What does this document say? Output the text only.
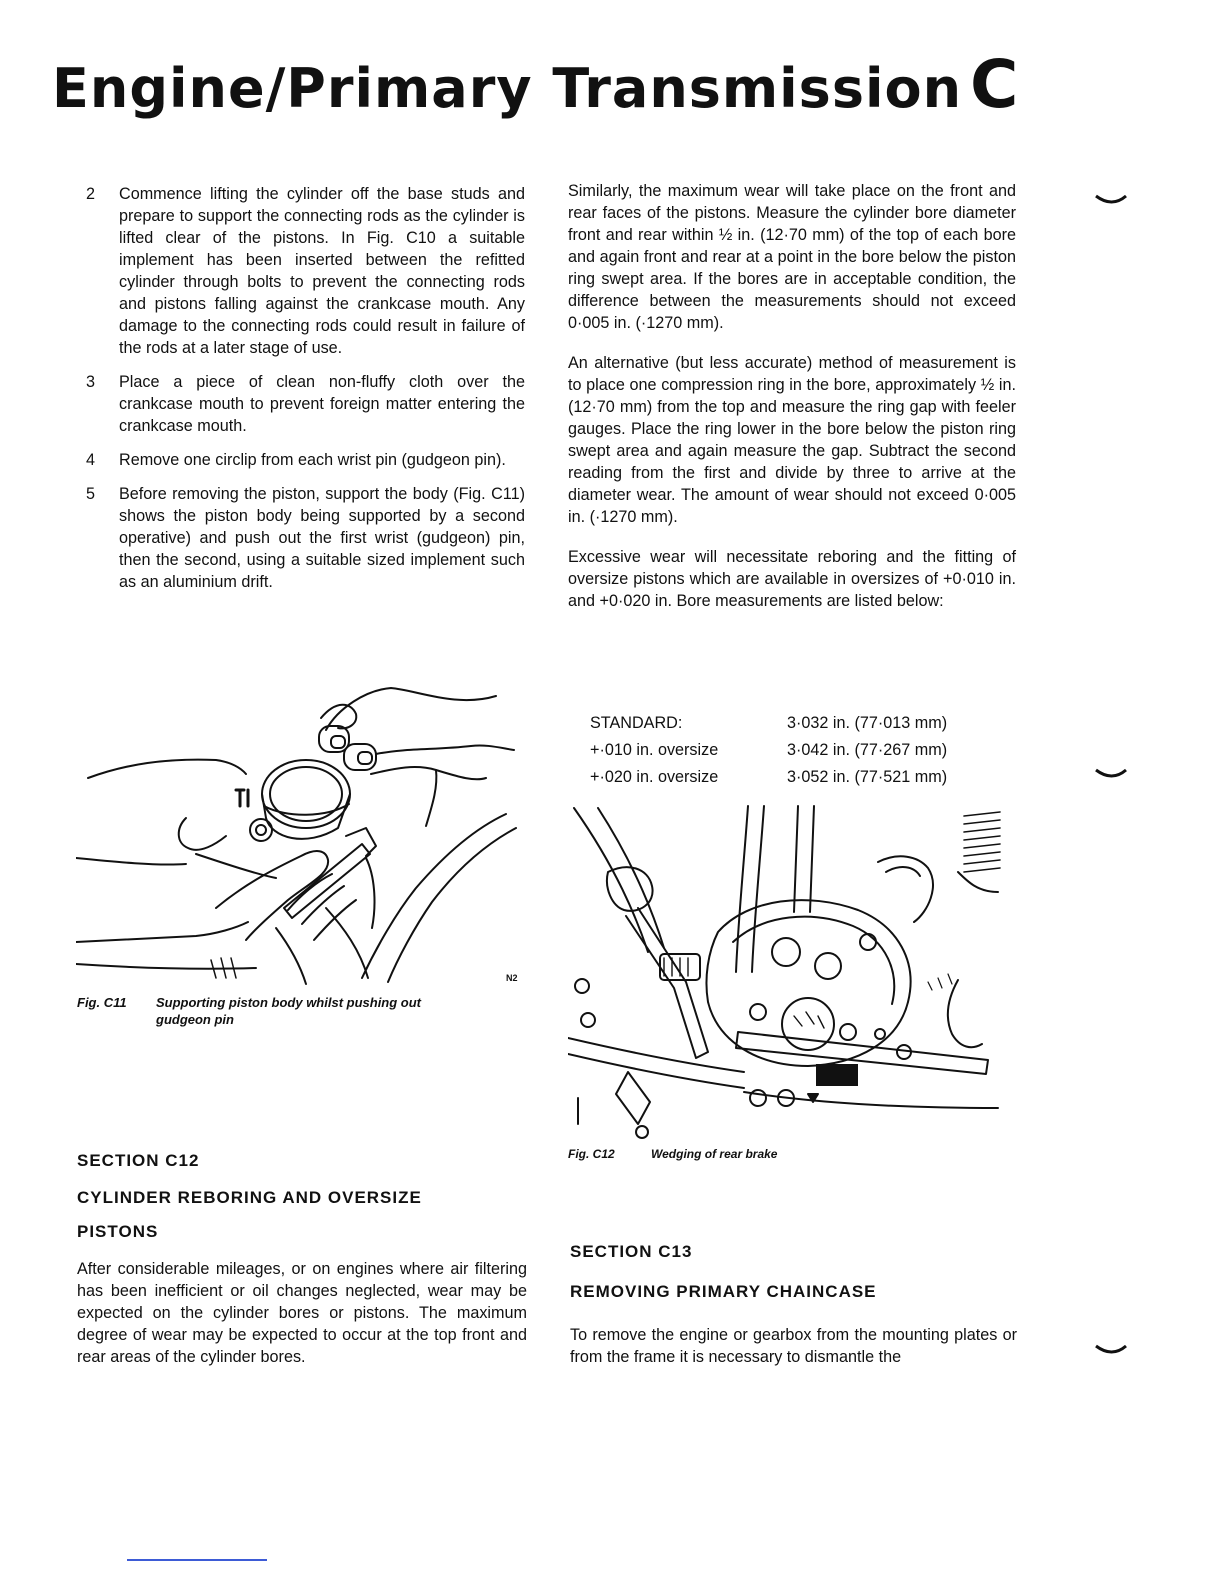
Engine/Primary Transmission C
2 Commence lifting the cylinder off the base studs and prepare to support the connecting rods as the cylinder is lifted clear of the pistons. In Fig. C10 a suitable implement has been inserted between the refitted cylinder through bolts to prevent the connecting rods and pistons falling against the crankcase mouth. Any damage to the connecting rods could result in failure of the rods at a later stage of use.

3 Place a piece of clean non-fluffy cloth over the crankcase mouth to prevent foreign matter entering the crankcase mouth.

4 Remove one circlip from each wrist pin (gudgeon pin).

5 Before removing the piston, support the body (Fig. C11) shows the piston body being supported by a second operative) and push out the first wrist (gudgeon) pin, then the second, using a suitable sized implement such as an aluminium drift.

Fig. C11	Supporting piston body whilst pushing out gudgeon pin
N2
SECTION C12
CYLINDER REBORING AND OVERSIZE
PISTONS
After considerable mileages, or on engines where air filtering has been inefficient or oil changes neglected, wear may be expected on the cylinder bores or pistons. The maximum degree of wear may be expected to occur at the top front and rear areas of the cylinder bores.

Similarly, the maximum wear will take place on the front and rear faces of the pistons. Measure the cylinder bore diameter front and rear within ½ in. (12·70 mm) of the top of each bore and again front and rear at a point in the bore below the piston ring swept area. If the bores are in acceptable condition, the difference between the measurements should not exceed 0·005 in. (·1270 mm).

An alternative (but less accurate) method of measurement is to place one compression ring in the bore, approximately ½ in. (12·70 mm) from the top and measure the ring gap with feeler gauges. Place the ring lower in the bore below the piston ring swept area and again measure the gap. Subtract the second reading from the first and divide by three to arrive at the diameter wear. The amount of wear should not exceed 0·005 in. (·1270 mm).

Excessive wear will necessitate reboring and the fitting of oversize pistons which are available in oversizes of +0·010 in. and +0·020 in. Bore measurements are listed below:

STANDARD:	3·032 in. (77·013 mm)
+·010 in. oversize	3·042 in. (77·267 mm)
+·020 in. oversize	3·052 in. (77·521 mm)
Fig. C12	Wedging of rear brake
SECTION C13
REMOVING PRIMARY CHAINCASE
To remove the engine or gearbox from the mounting plates or from the frame it is necessary to dismantle the
